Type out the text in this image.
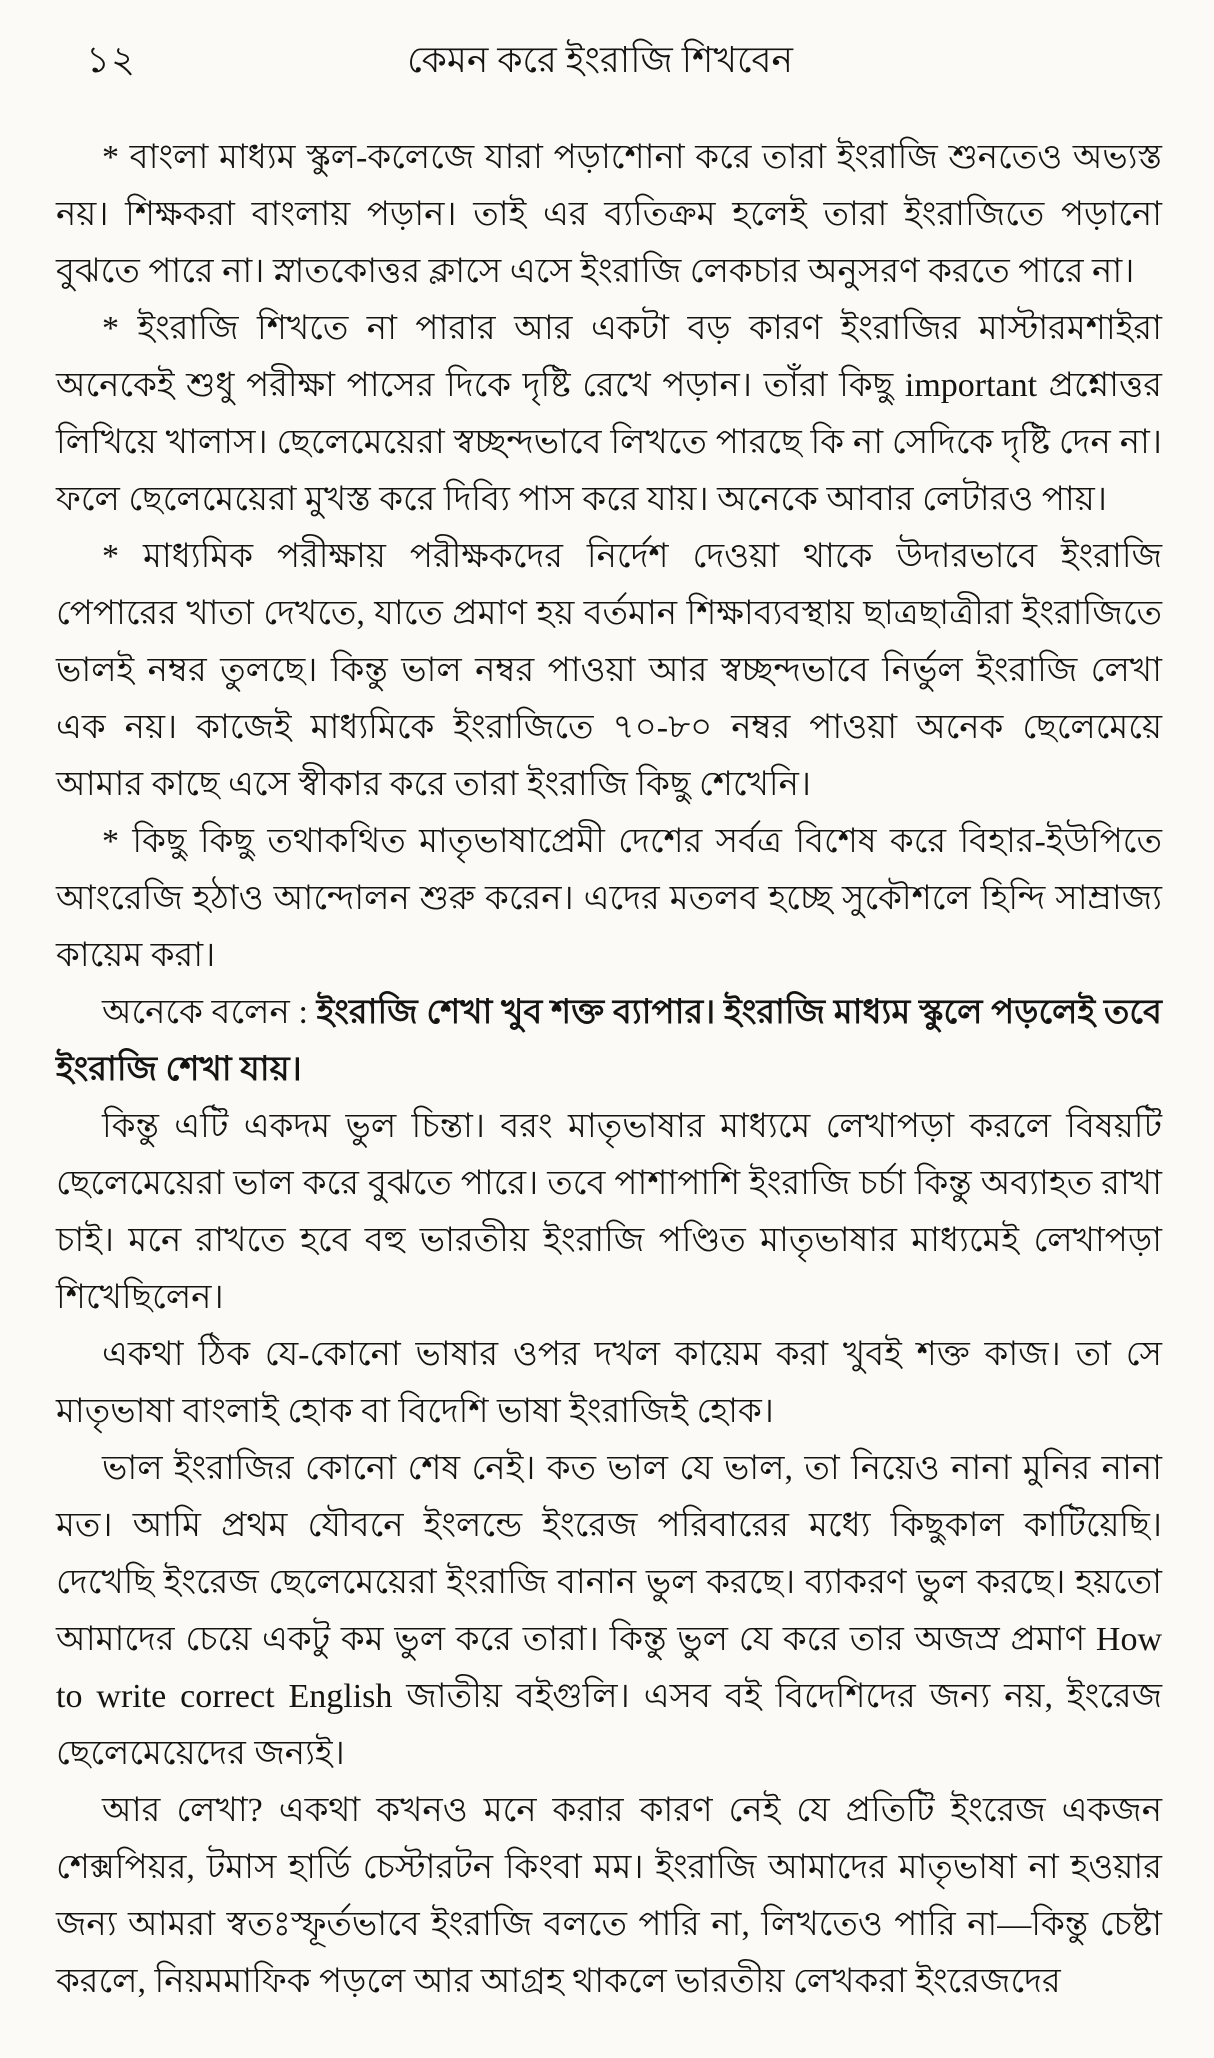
১২	কেমন করে ইংরাজি শিখবেন

* বাংলা মাধ্যম স্কুল-কলেজে যারা পড়াশোনা করে তারা ইংরাজি শুনতেও অভ্যস্ত নয়। শিক্ষকরা বাংলায় পড়ান। তাই এর ব্যতিক্রম হলেই তারা ইংরাজিতে পড়ানো বুঝতে পারে না। স্নাতকোত্তর ক্লাসে এসে ইংরাজি লেকচার অনুসরণ করতে পারে না।

* ইংরাজি শিখতে না পারার আর একটা বড় কারণ ইংরাজির মাস্টারমশাইরা অনেকেই শুধু পরীক্ষা পাসের দিকে দৃষ্টি রেখে পড়ান। তাঁরা কিছু important প্রশ্নোত্তর লিখিয়ে খালাস। ছেলেমেয়েরা স্বচ্ছন্দভাবে লিখতে পারছে কি না সেদিকে দৃষ্টি দেন না। ফলে ছেলেমেয়েরা মুখস্ত করে দিব্যি পাস করে যায়। অনেকে আবার লেটারও পায়।

* মাধ্যমিক পরীক্ষায় পরীক্ষকদের নির্দেশ দেওয়া থাকে উদারভাবে ইংরাজি পেপারের খাতা দেখতে, যাতে প্রমাণ হয় বর্তমান শিক্ষাব্যবস্থায় ছাত্রছাত্রীরা ইংরাজিতে ভালই নম্বর তুলছে। কিন্তু ভাল নম্বর পাওয়া আর স্বচ্ছন্দভাবে নির্ভুল ইংরাজি লেখা এক নয়। কাজেই মাধ্যমিকে ইংরাজিতে ৭০-৮০ নম্বর পাওয়া অনেক ছেলেমেয়ে আমার কাছে এসে স্বীকার করে তারা ইংরাজি কিছু শেখেনি।

* কিছু কিছু তথাকথিত মাতৃভাষাপ্রেমী দেশের সর্বত্র বিশেষ করে বিহার-ইউপিতে আংরেজি হঠাও আন্দোলন শুরু করেন। এদের মতলব হচ্ছে সুকৌশলে হিন্দি সাম্রাজ্য কায়েম করা।

অনেকে বলেন : ইংরাজি শেখা খুব শক্ত ব্যাপার। ইংরাজি মাধ্যম স্কুলে পড়লেই তবে ইংরাজি শেখা যায়।

কিন্তু এটি একদম ভুল চিন্তা। বরং মাতৃভাষার মাধ্যমে লেখাপড়া করলে বিষয়টি ছেলেমেয়েরা ভাল করে বুঝতে পারে। তবে পাশাপাশি ইংরাজি চর্চা কিন্তু অব্যাহত রাখা চাই। মনে রাখতে হবে বহু ভারতীয় ইংরাজি পণ্ডিত মাতৃভাষার মাধ্যমেই লেখাপড়া শিখেছিলেন।

একথা ঠিক যে-কোনো ভাষার ওপর দখল কায়েম করা খুবই শক্ত কাজ। তা সে মাতৃভাষা বাংলাই হোক বা বিদেশি ভাষা ইংরাজিই হোক।

ভাল ইংরাজির কোনো শেষ নেই। কত ভাল যে ভাল, তা নিয়েও নানা মুনির নানা মত। আমি প্রথম যৌবনে ইংলন্ডে ইংরেজ পরিবারের মধ্যে কিছুকাল কাটিয়েছি। দেখেছি ইংরেজ ছেলেমেয়েরা ইংরাজি বানান ভুল করছে। ব্যাকরণ ভুল করছে। হয়তো আমাদের চেয়ে একটু কম ভুল করে তারা। কিন্তু ভুল যে করে তার অজস্র প্রমাণ How to write correct English জাতীয় বইগুলি। এসব বই বিদেশিদের জন্য নয়, ইংরেজ ছেলেমেয়েদের জন্যই।

আর লেখা? একথা কখনও মনে করার কারণ নেই যে প্রতিটি ইংরেজ একজন শেক্সপিয়র, টমাস হার্ডি চেস্টারটন কিংবা মম। ইংরাজি আমাদের মাতৃভাষা না হওয়ার জন্য আমরা স্বতঃস্ফূর্তভাবে ইংরাজি বলতে পারি না, লিখতেও পারি না—কিন্তু চেষ্টা করলে, নিয়মমাফিক পড়লে আর আগ্রহ থাকলে ভারতীয় লেখকরা ইংরেজদের
